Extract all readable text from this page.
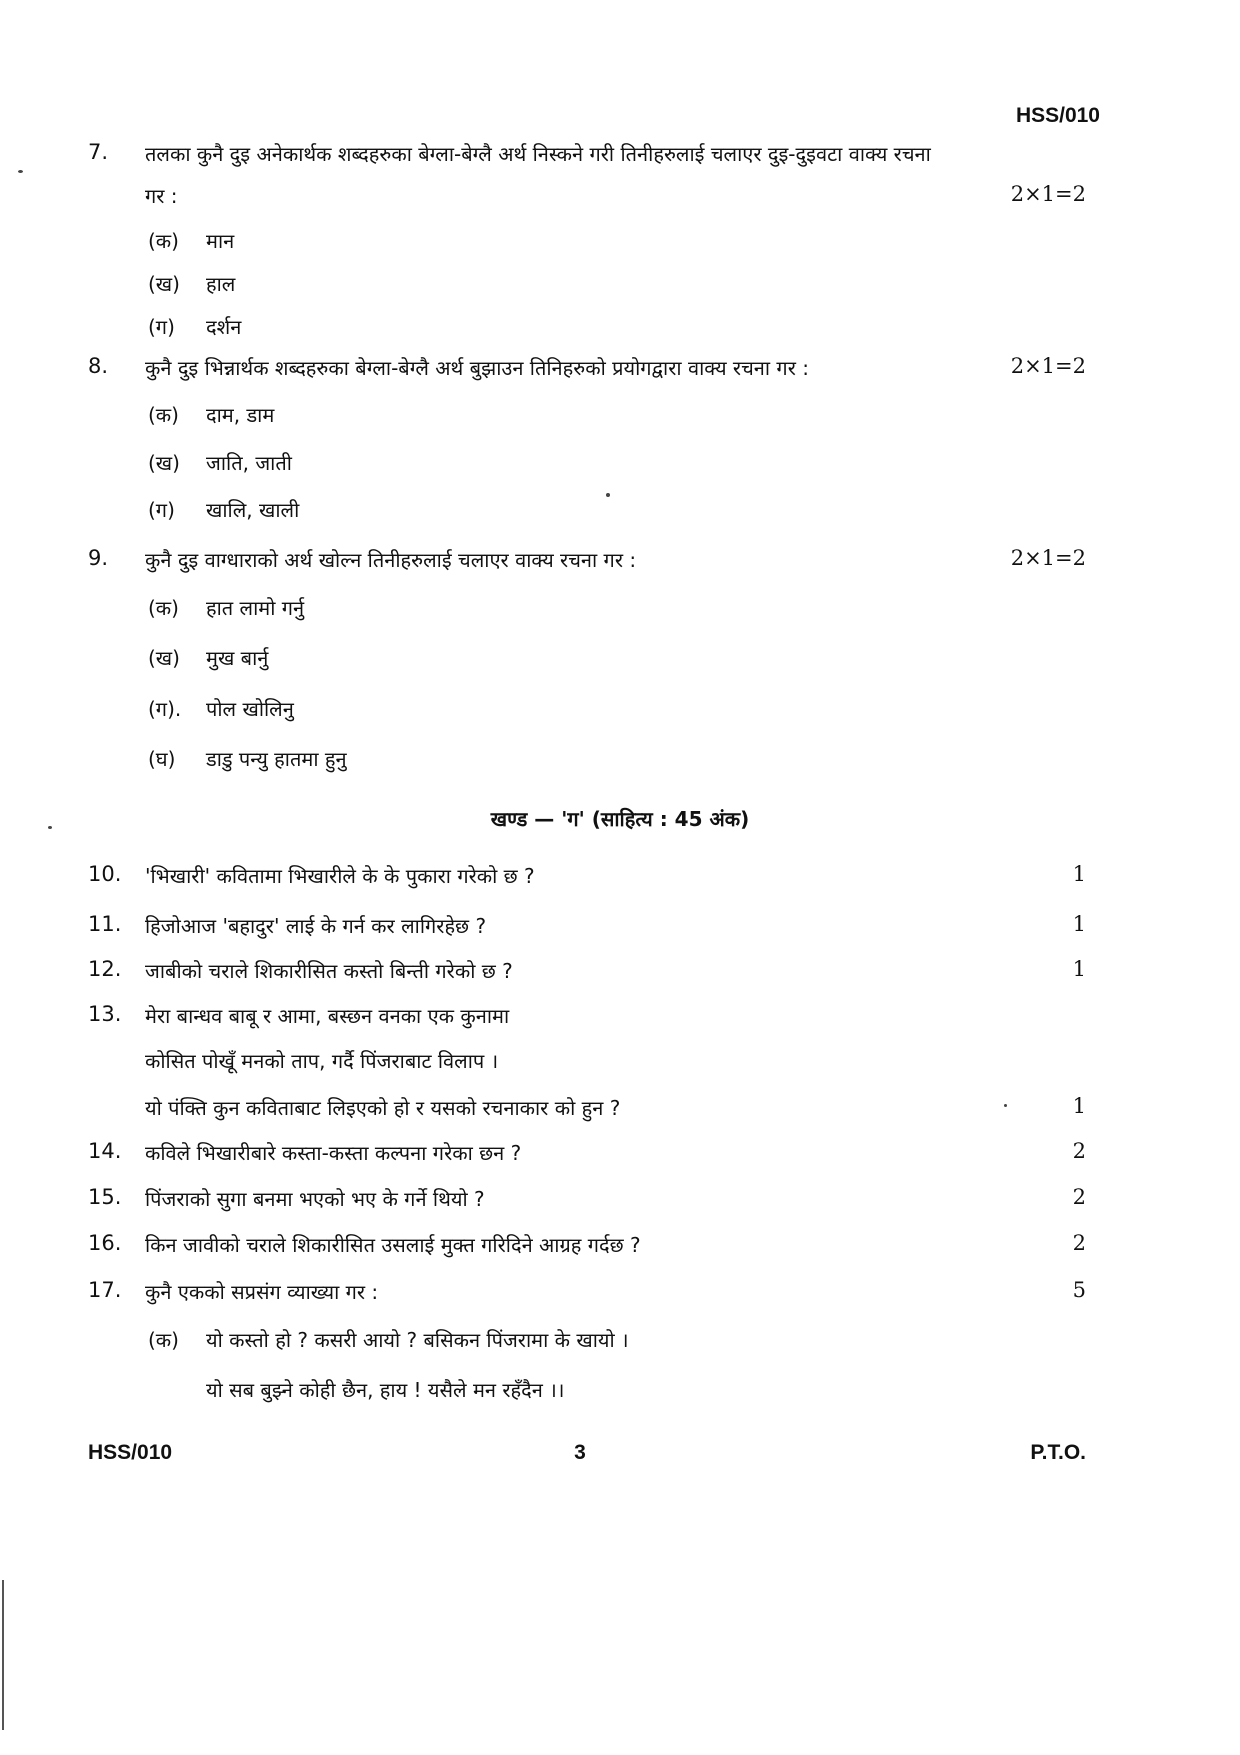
HSS/010
7. तलका कुनै दुइ अनेकार्थक शब्दहरुका बेग्ला-बेग्लै अर्थ निस्कने गरी तिनीहरुलाई चलाएर दुइ-दुइवटा वाक्य रचना
गर :	2×1=2
(क) मान
(ख) हाल
(ग) दर्शन
8. कुनै दुइ भिन्नार्थक शब्दहरुका बेग्ला-बेग्लै अर्थ बुझाउन तिनिहरुको प्रयोगद्वारा वाक्य रचना गर :	2×1=2
(क) दाम, डाम
(ख) जाति, जाती
(ग) खालि, खाली
9. कुनै दुइ वाग्धाराको अर्थ खोल्न तिनीहरुलाई चलाएर वाक्य रचना गर :	2×1=2
(क) हात लामो गर्नु
(ख) मुख बार्नु
(ग). पोल खोलिनु
(घ) डाडु पन्यु हातमा हुनु
खण्ड — 'ग' (साहित्य : 45 अंक)
10. 'भिखारी' कवितामा भिखारीले के के पुकारा गरेको छ ?	1
11. हिजोआज 'बहादुर' लाई के गर्न कर लागिरहेछ ?	1
12. जाबीको चराले शिकारीसित कस्तो बिन्ती गरेको छ ?	1
13. मेरा बान्धव बाबू र आमा, बस्छन वनका एक कुनामा
कोसित पोखूँ मनको ताप, गर्दै पिंजराबाट विलाप ।
यो पंक्ति कुन कविताबाट लिइएको हो र यसको रचनाकार को हुन ?	1
14. कविले भिखारीबारे कस्ता-कस्ता कल्पना गरेका छन ?	2
15. पिंजराको सुगा बनमा भएको भए के गर्ने थियो ?	2
16. किन जावीको चराले शिकारीसित उसलाई मुक्त गरिदिने आग्रह गर्दछ ?	2
17. कुनै एकको सप्रसंग व्याख्या गर :	5
(क) यो कस्तो हो ? कसरी आयो ? बसिकन पिंजरामा के खायो ।
यो सब बुझ्ने कोही छैन, हाय ! यसैले मन रहँदैन ।।
HSS/010	3	P.T.O.
